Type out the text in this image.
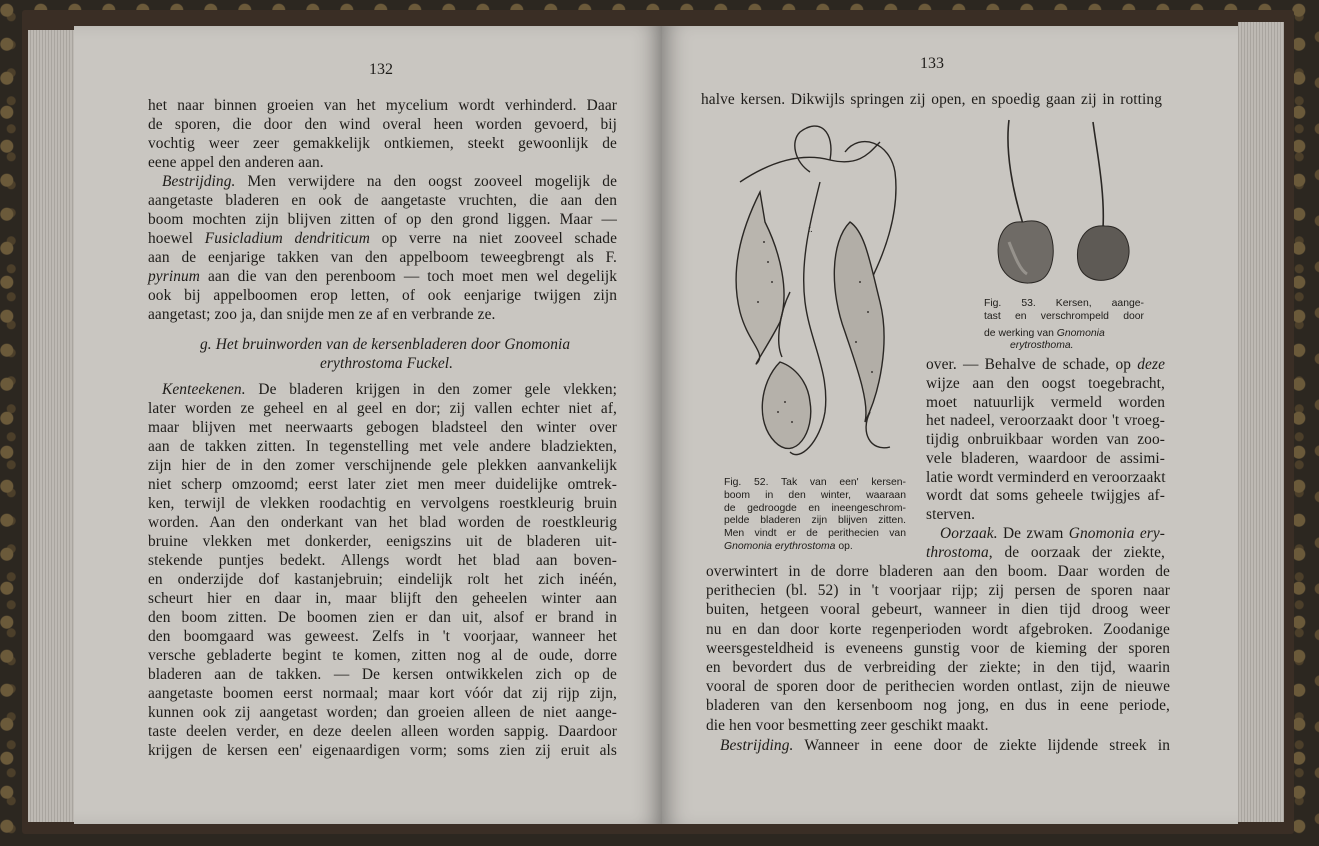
132
het naar binnen groeien van het mycelium wordt verhinderd. Daar
de sporen, die door den wind overal heen worden gevoerd, bij
vochtig weer zeer gemakkelijk ontkiemen, steekt gewoonlijk de
eene appel den anderen aan.
Bestrijding. Men verwijdere na den oogst zooveel mogelijk de
aangetaste bladeren en ook de aangetaste vruchten, die aan den
boom mochten zijn blijven zitten of op den grond liggen. Maar —
hoewel Fusicladium dendriticum op verre na niet zooveel schade
aan de eenjarige takken van den appelboom teweegbrengt als F.
pyrinum aan die van den perenboom — toch moet men wel degelijk
ook bij appelboomen erop letten, of ook eenjarige twijgen zijn
aangetast; zoo ja, dan snijde men ze af en verbrande ze.
g. Het bruinworden van de kersenbladeren door Gnomonia
erythrostoma Fuckel.
Kenteekenen. De bladeren krijgen in den zomer gele vlekken;
later worden ze geheel en al geel en dor; zij vallen echter niet af,
maar blijven met neerwaarts gebogen bladsteel den winter over
aan de takken zitten. In tegenstelling met vele andere bladziekten,
zijn hier de in den zomer verschijnende gele plekken aanvankelijk
niet scherp omzoomd; eerst later ziet men meer duidelijke omtrek-
ken, terwijl de vlekken roodachtig en vervolgens roestkleurig bruin
worden. Aan den onderkant van het blad worden de roestkleurig
bruine vlekken met donkerder, eenigszins uit de bladeren uit-
stekende puntjes bedekt. Allengs wordt het blad aan boven-
en onderzijde dof kastanjebruin; eindelijk rolt het zich inéén,
scheurt hier en daar in, maar blijft den geheelen winter aan
den boom zitten. De boomen zien er dan uit, alsof er brand in
den boomgaard was geweest. Zelfs in 't voorjaar, wanneer het
versche gebladerte begint te komen, zitten nog al de oude, dorre
bladeren aan de takken. — De kersen ontwikkelen zich op de
aangetaste boomen eerst normaal; maar kort vóór dat zij rijp zijn,
kunnen ook zij aangetast worden; dan groeien alleen de niet aange-
taste deelen verder, en deze deelen alleen worden sappig. Daardoor
krijgen de kersen een' eigenaardigen vorm; soms zien zij eruit als
133
halve kersen. Dikwijls springen zij open, en spoedig gaan zij in rotting
t.
Fig. 52. Tak van een' kersen-
boom in den winter, waaraan
de gedroogde en ineengeschrom-
pelde bladeren zijn blijven zitten.
Men vindt er de perithecien van
Gnomonia erythrostoma op.
Fig. 53. Kersen, aange-
tast en verschrompeld door
de werking van Gnomonia
erytrosthoma.
over. — Behalve de schade, op deze
wijze aan den oogst toegebracht,
moet natuurlijk vermeld worden
het nadeel, veroorzaakt door 't vroeg-
tijdig onbruikbaar worden van zoo-
vele bladeren, waardoor de assimi-
latie wordt verminderd en veroorzaakt
wordt dat soms geheele twijgjes af-
sterven.
Oorzaak. De zwam Gnomonia ery-
throstoma, de oorzaak der ziekte,
overwintert in de dorre bladeren aan den boom. Daar worden de
perithecien (bl. 52) in 't voorjaar rijp; zij persen de sporen naar
buiten, hetgeen vooral gebeurt, wanneer in dien tijd droog weer
nu en dan door korte regenperioden wordt afgebroken. Zoodanige
weersgesteldheid is eveneens gunstig voor de kieming der sporen
en bevordert dus de verbreiding der ziekte; in den tijd, waarin
vooral de sporen door de perithecien worden ontlast, zijn de nieuwe
bladeren van den kersenboom nog jong, en dus in eene periode,
die hen voor besmetting zeer geschikt maakt.
Bestrijding. Wanneer in eene door de ziekte lijdende streek in
